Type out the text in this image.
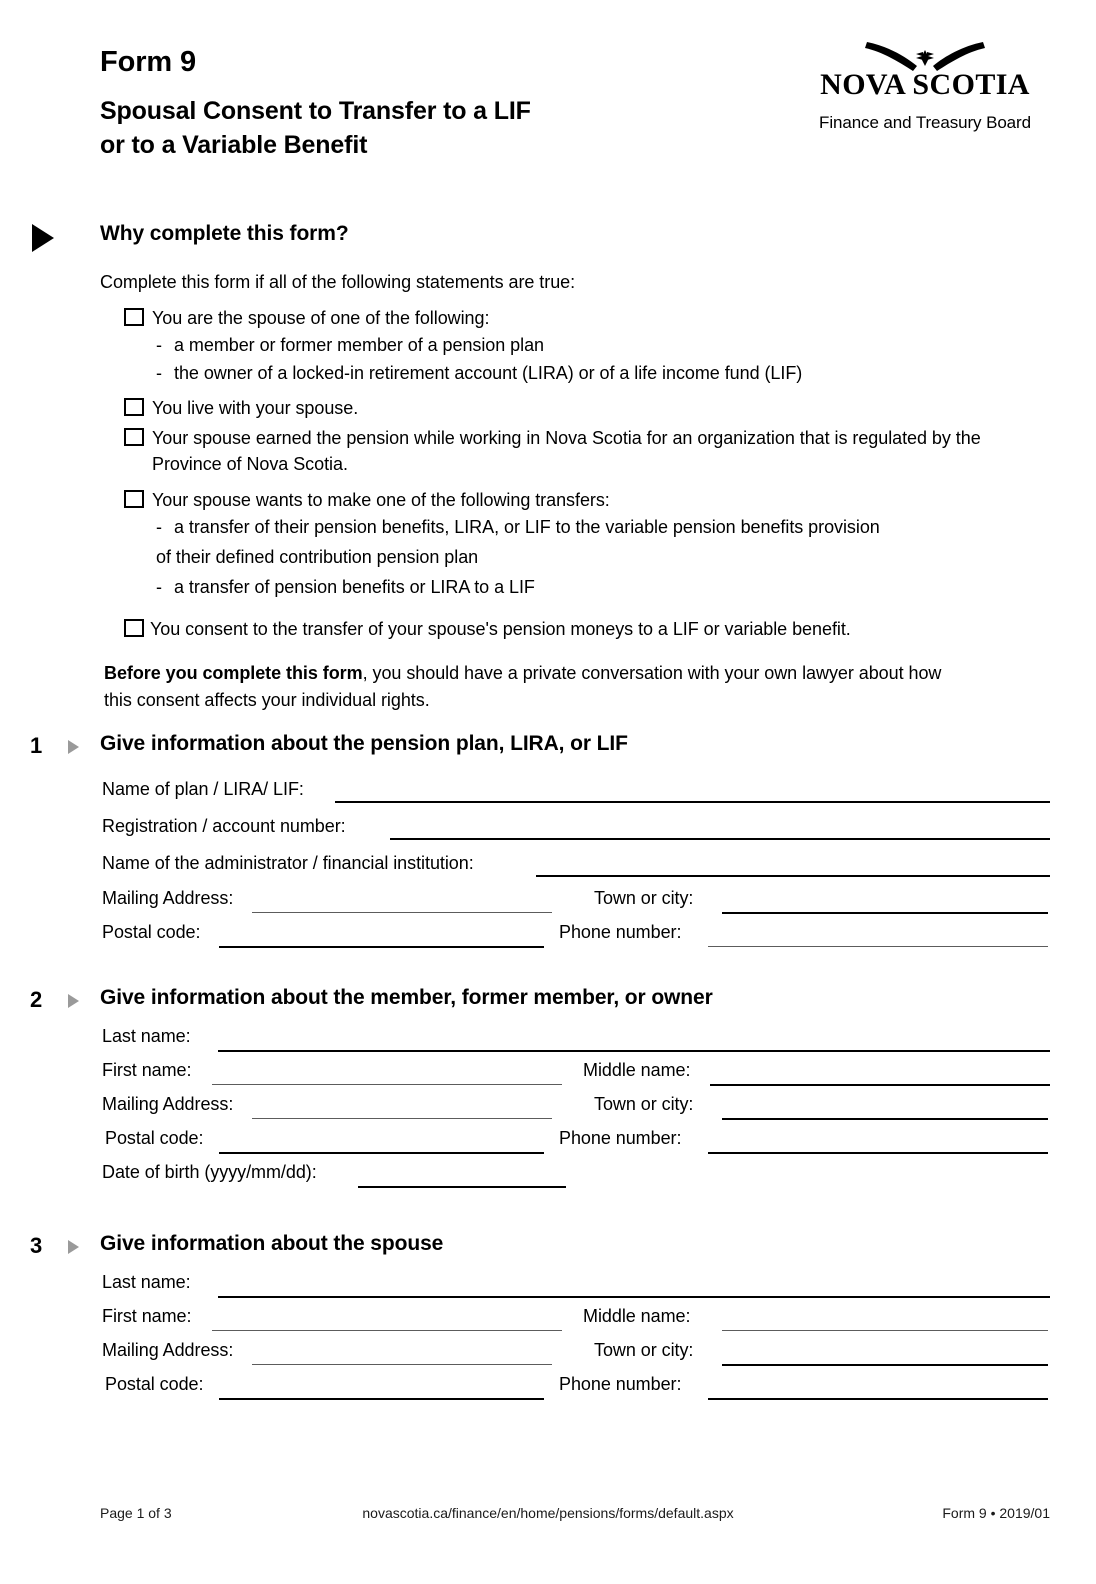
Form 9
Spousal Consent to Transfer to a LIF
or to a Variable Benefit
NOVA SCOTIA
Finance and Treasury Board
Why complete this form?
Complete this form if all of the following statements are true:
You are the spouse of one of the following:
- a member or former member of a pension plan
- the owner of a locked-in retirement account (LIRA) or of a life income fund (LIF)
You live with your spouse.
Your spouse earned the pension while working in Nova Scotia for an organization that is regulated by the Province of Nova Scotia.
Your spouse wants to make one of the following transfers:
- a transfer of their pension benefits, LIRA, or LIF to the variable pension benefits provision
of their defined contribution pension plan
- a transfer of pension benefits or LIRA to a LIF
You consent to the transfer of your spouse's pension moneys to a LIF or variable benefit.
Before you complete this form, you should have a private conversation with your own lawyer about how
this consent affects your individual rights.
1	Give information about the pension plan, LIRA, or LIF
Name of plan / LIRA/ LIF:
Registration / account number:
Name of the administrator / financial institution:
Mailing Address:	Town or city:
Postal code:	Phone number:
2	Give information about the member, former member, or owner
Last name:
First name:	Middle name:
Mailing Address:	Town or city:
Postal code:	Phone number:
Date of birth (yyyy/mm/dd):
3	Give information about the spouse
Last name:
First name:	Middle name:
Mailing Address:	Town or city:
Postal code:	Phone number:
Page 1 of 3	novascotia.ca/finance/en/home/pensions/forms/default.aspx	Form 9 • 2019/01
